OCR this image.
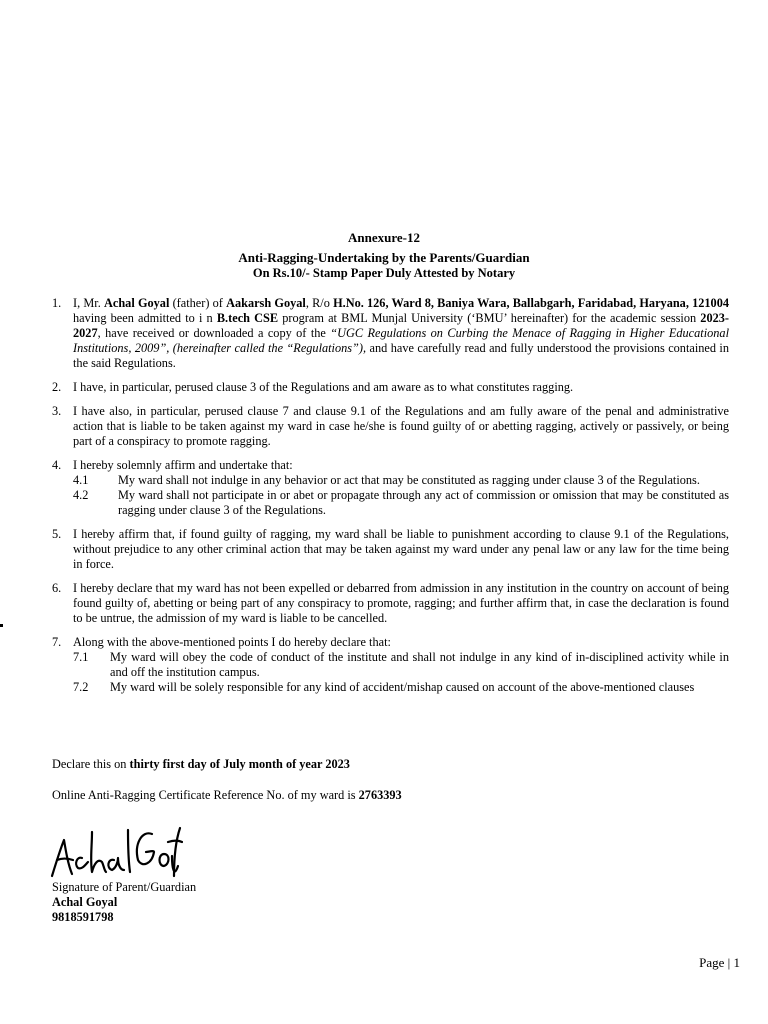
Annexure-12
Anti-Ragging-Undertaking by the Parents/Guardian
On Rs.10/- Stamp Paper Duly Attested by Notary
1. I, Mr. Achal Goyal (father) of Aakarsh Goyal, R/o H.No. 126, Ward 8, Baniya Wara, Ballabgarh, Faridabad, Haryana, 121004 having been admitted to i n B.tech CSE program at BML Munjal University (‘BMU’ hereinafter) for the academic session 2023-2027, have received or downloaded a copy of the “UGC Regulations on Curbing the Menace of Ragging in Higher Educational Institutions, 2009”, (hereinafter called the “Regulations”), and have carefully read and fully understood the provisions contained in the said Regulations.
2. I have, in particular, perused clause 3 of the Regulations and am aware as to what constitutes ragging.
3. I have also, in particular, perused clause 7 and clause 9.1 of the Regulations and am fully aware of the penal and administrative action that is liable to be taken against my ward in case he/she is found guilty of or abetting ragging, actively or passively, or being part of a conspiracy to promote ragging.
4. I hereby solemnly affirm and undertake that:
4.1 My ward shall not indulge in any behavior or act that may be constituted as ragging under clause 3 of the Regulations.
4.2 My ward shall not participate in or abet or propagate through any act of commission or omission that may be constituted as ragging under clause 3 of the Regulations.
5. I hereby affirm that, if found guilty of ragging, my ward shall be liable to punishment according to clause 9.1 of the Regulations, without prejudice to any other criminal action that may be taken against my ward under any penal law or any law for the time being in force.
6. I hereby declare that my ward has not been expelled or debarred from admission in any institution in the country on account of being found guilty of, abetting or being part of any conspiracy to promote, ragging; and further affirm that, in case the declaration is found to be untrue, the admission of my ward is liable to be cancelled.
7. Along with the above-mentioned points I do hereby declare that:
7.1 My ward will obey the code of conduct of the institute and shall not indulge in any kind of in-disciplined activity while in and off the institution campus.
7.2 My ward will be solely responsible for any kind of accident/mishap caused on account of the above-mentioned clauses
Declare this on thirty first day of July month of year 2023
Online Anti-Ragging Certificate Reference No. of my ward is 2763393
Signature of Parent/Guardian
Achal Goyal
9818591798
Page | 1
